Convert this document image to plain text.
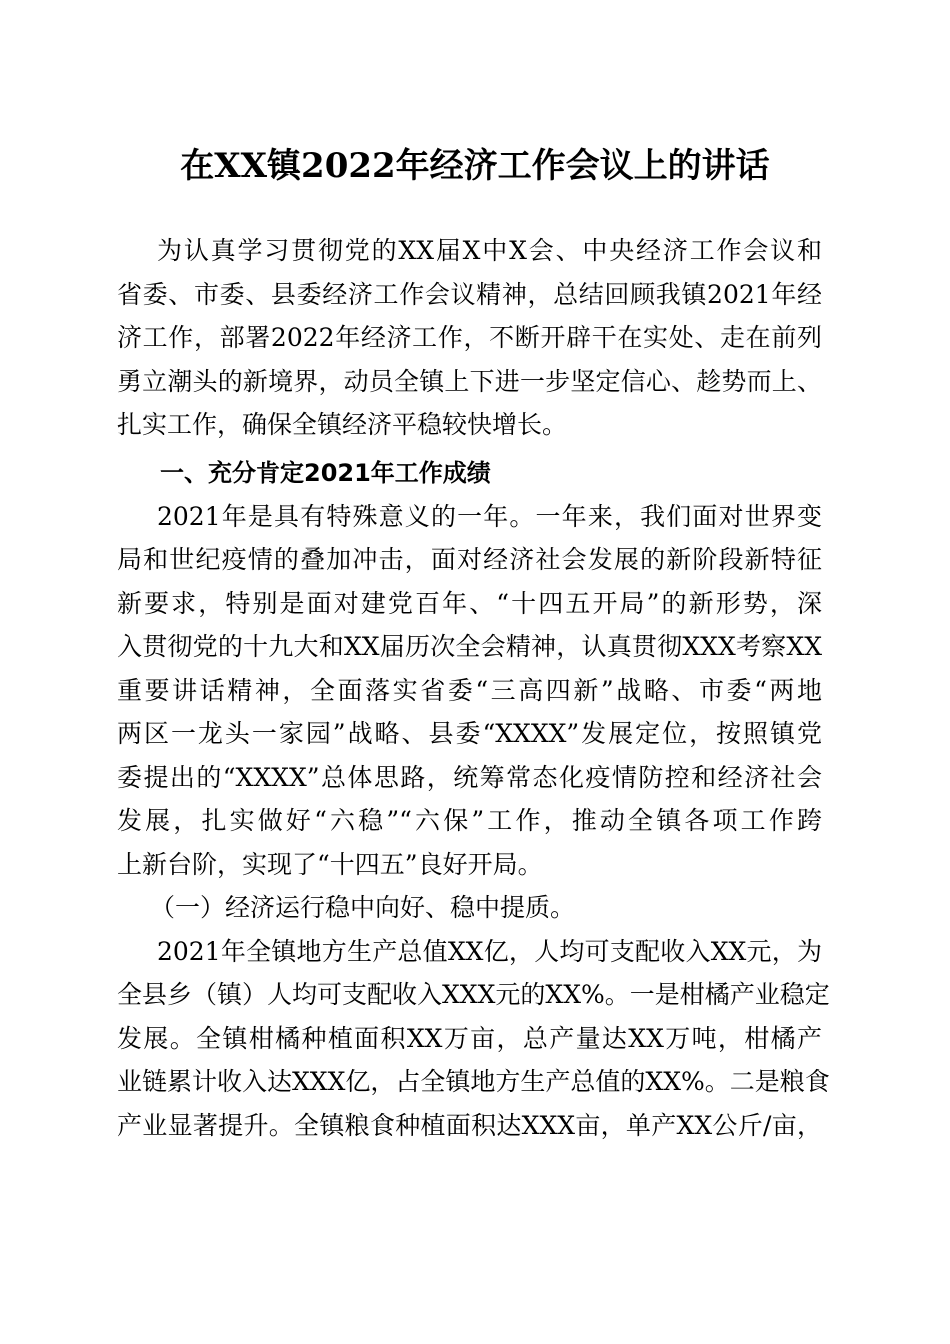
在XX镇2022年经济工作会议上的讲话
为认真学习贯彻党的XX届X中X会、中央经济工作会议和
省委、市委、县委经济工作会议精神，总结回顾我镇2021年经
济工作，部署2022年经济工作，不断开辟干在实处、走在前列
勇立潮头的新境界，动员全镇上下进一步坚定信心、趁势而上、
扎实工作，确保全镇经济平稳较快增长。
一、充分肯定2021年工作成绩
2021年是具有特殊意义的一年。一年来，我们面对世界变
局和世纪疫情的叠加冲击，面对经济社会发展的新阶段新特征
新要求，特别是面对建党百年、“十四五开局”的新形势，深
入贯彻党的十九大和XX届历次全会精神，认真贯彻XXX考察XX
重要讲话精神，全面落实省委“三高四新”战略、市委“两地
两区一龙头一家园”战略、县委“XXXX”发展定位，按照镇党
委提出的“XXXX”总体思路，统筹常态化疫情防控和经济社会
发展，扎实做好“六稳”“六保”工作，推动全镇各项工作跨
上新台阶，实现了“十四五”良好开局。
（一）经济运行稳中向好、稳中提质。
2021年全镇地方生产总值XX亿，人均可支配收入XX元，为
全县乡（镇）人均可支配收入XXX元的XX%。一是柑橘产业稳定
发展。全镇柑橘种植面积XX万亩，总产量达XX万吨，柑橘产
业链累计收入达XXX亿，占全镇地方生产总值的XX%。二是粮食
产业显著提升。全镇粮食种植面积达XXX亩，单产XX公斤/亩，
